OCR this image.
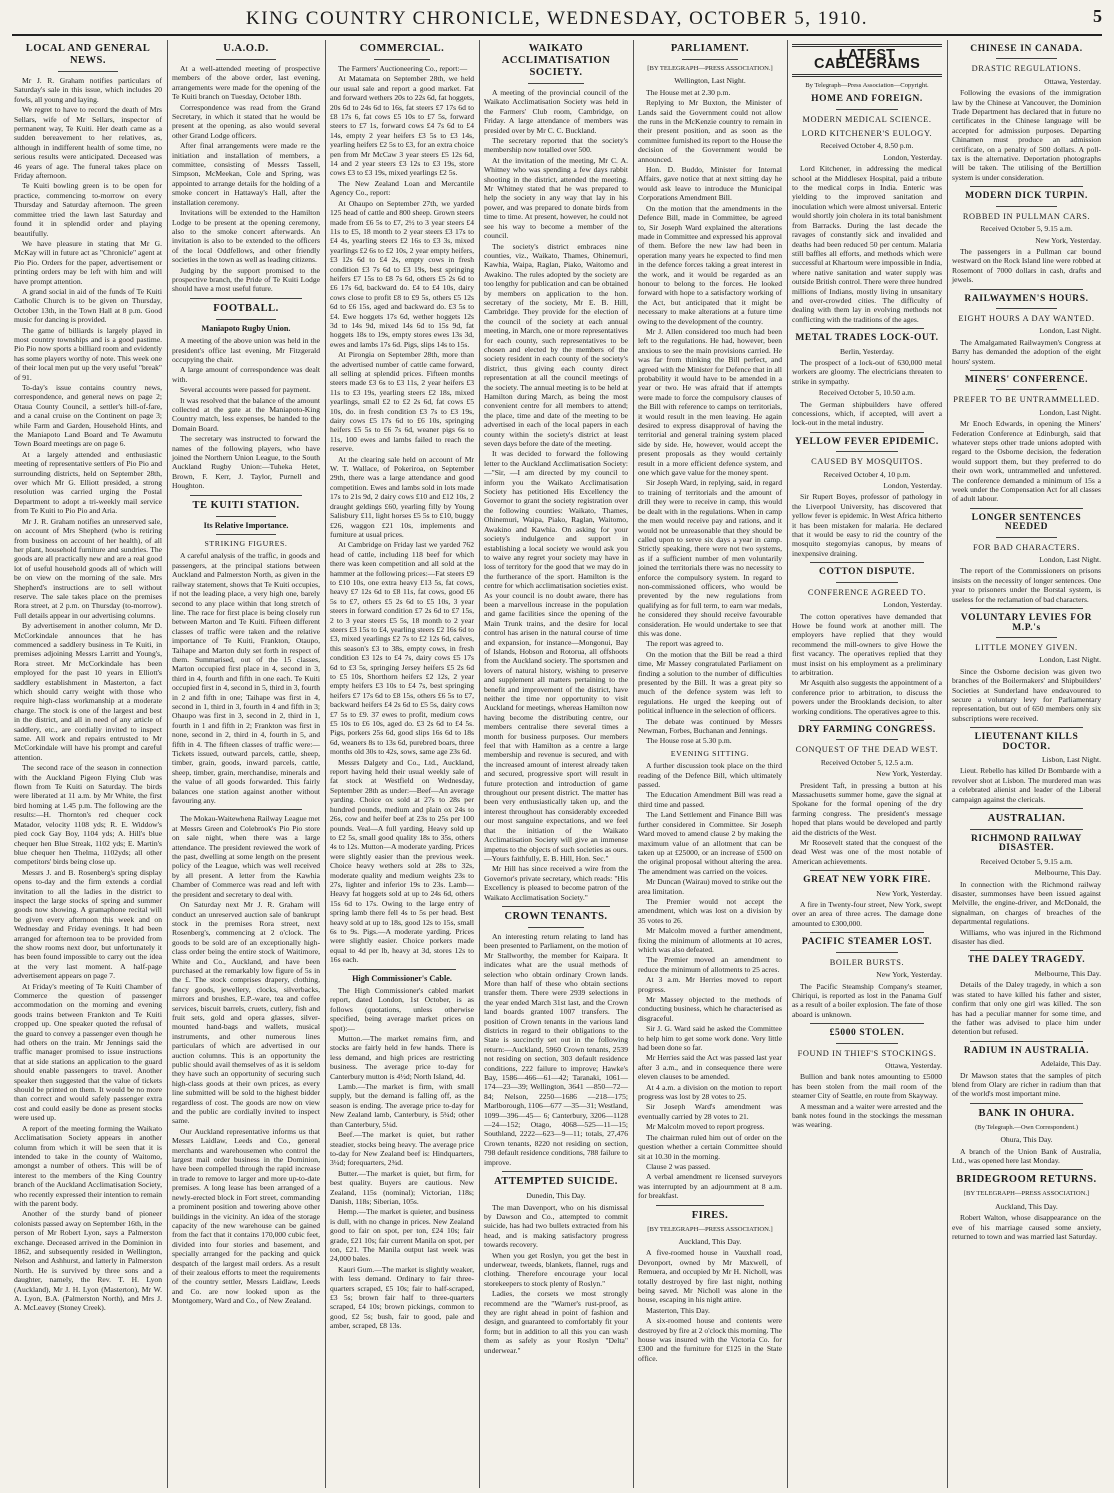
KING COUNTRY CHRONICLE, WEDNESDAY, OCTOBER 5, 1910.	5
LOCAL AND GENERAL NEWS.

Mr J. R. Graham notifies particulars of Saturday's sale in this issue, which includes 20 fowls, all young and laying.

We regret to have to record the death of Mrs Sellars, wife of Mr Sellars, inspector of permanent way, Te Kuiti. Her death came as a sudden bereavement to her relatives, as, although in indifferent health of some time, no serious results were anticipated. Deceased was 46 years of age. The funeral takes place on Friday afternoon.

Te Kuiti bowling green is to be open for practice, commencing to-morrow on every Thursday and Saturday afternoon. The green committee tried the lawn last Saturday and found it in splendid order and playing beautifully.

We have pleasure in stating that Mr G. McKay will in future act as "Chronicle" agent at Pio Pio. Orders for the paper, advertisement or printing orders may be left with him and will have prompt attention.

A grand social in aid of the funds of Te Kuiti Catholic Church is to be given on Thursday, October 13th, in the Town Hall at 8 p.m. Good music for dancing is provided.

The game of billiards is largely played in most country townships and is a good pastime. Pio Pio now sports a billiard room and evidently has some players worthy of note. This week one of their local men put up the very useful "break" of 91.

To-day's issue contains country news, correspondence, and general news on page 2; Otaua County Council, a settler's hill-of-fare, and a canal cruise on the Continent on page 3; while Farm and Garden, Household Hints, and the Maniapoto Land Board and Te Awamutu Town Board meetings are on page 6.

At a largely attended and enthusiastic meeting of representative settlers of Pio Pio and surrounding districts, held on September 28th, over which Mr G. Elliott presided, a strong resolution was carried urging the Postal Department to adopt a tri-weekly mail service from Te Kuiti to Pio Pio and Aria.

Mr J. R. Graham notifies an unreserved sale, on account of Mrs Shepherd (who is retiring from business on account of her health), of all her plant, household furniture and sundries. The goods are all practically new and are a real good lot of useful household goods all of which will be on view on the morning of the sale. Mrs Shepherd's instructions are to sell without reserve. The sale takes place on the premises Rora street, at 2 p.m. on Thursday (to-morrow). Full details appear in our advertising columns.

By advertisement in another column, Mr D. McCorkindale announces that he has commenced a saddlery business in Te Kuiti, in premises adjoining Messrs Larritt and Young's, Rora street. Mr McCorkindale has been employed for the past 10 years in Elliott's saddlery establishment in Masterton, a fact which should carry weight with those who require high-class workmanship at a moderate charge. The stock is one of the largest and best in the district, and all in need of any article of saddlery, etc., are cordially invited to inspect same. All work and repairs entrusted to Mr McCorkindale will have his prompt and careful attention.

The second race of the season in connection with the Auckland Pigeon Flying Club was flown from Te Kuiti on Saturday. The birds were liberated at 11 a.m. by Mr White, the first bird homing at 1.45 p.m. The following are the results:—H. Thornton's red chequer cock Matador, velocity 1108 yds; R. E. Widdow's pied cock Gay Boy, 1104 yds; A. Hill's blue chequer hen Blue Streak, 1102 yds; E. Martin's blue chequer hen Thelma, 1102yds; all other competitors' birds being close up.

Messrs J. and B. Rosenberg's spring display opens to-day and the firm extends a cordial invitation to all the ladies in the district to inspect the large stocks of spring and summer goods now showing. A gramaphone recital will be given every afternoon this week and on Wednesday and Friday evenings. It had been arranged for afternoon tea to be provided from the show rooms next door, but unfortunately it has been found impossible to carry out the idea at the very last moment. A half-page advertisement appears on page 7.

At Friday's meeting of Te Kuiti Chamber of Commerce the question of passenger accommodation on the morning and evening goods trains between Frankton and Te Kuiti cropped up. One speaker quoted the refusal of the guard to convey a passenger even though he had others on the train. Mr Jennings said the traffic manager promised to issue instructions that at side stations an application to the guard should enable passengers to travel. Another speaker then suggested that the value of tickets should be printed on them. It would be no more than correct and would safely passenger extra cost and could easily be done as present stocks were used up.

A report of the meeting forming the Waikato Acclimatisation Society appears in another column from which it will be seen that it is intended to take in the county of Waitomo, amongst a number of others. This will be of interest to the members of the King Country branch of the Auckland Acclimatisation Society, who recently expressed their intention to remain with the parent body.

Another of the sturdy band of pioneer colonists passed away on September 16th, in the person of Mr Robert Lyon, says a Palmerston exchange. Deceased arrived in the Dominion in 1862, and subsequently resided in Wellington, Nelson and Ashhurst, and latterly in Palmerston North. He is survived by three sons and a daughter, namely, the Rev. T. H. Lyon (Auckland), Mr J. H. Lyon (Masterton), Mr W. A. Lyon, B.A. (Palmerston North), and Mrs J. A. McLeavey (Stoney Creek).

U.A.O.D.

At a well-attended meeting of prospective members of the above order, last evening, arrangements were made for the opening of the Te Kuiti branch on Tuesday, October 18th.

Correspondence was read from the Grand Secretary, in which it stated that he would be present at the opening, as also would several other Grand Lodge officers.

After final arrangements were made re the initiation and installation of members, a committee, consisting of Messrs Tassell, Simpson, McMeekan, Cole and Spring, was appointed to arrange details for the holding of a smoke concert in Hattaway's Hall, after the installation ceremony.

Invitations will be extended to the Hamilton Lodge to be present at the opening ceremony, also to the smoke concert afterwards. An invitation is also to be extended to the officers of the local Oddfellows, and other friendly societies in the town as well as leading citizens.

Judging by the support promised to the prospective branch, the Pride of Te Kuiti Lodge should have a most useful future.

FOOTBALL.
Maniapoto Rugby Union.

A meeting of the above union was held in the president's office last evening, Mr Fitzgerald occupying the chair.

A large amount of correspondence was dealt with.

Several accounts were passed for payment.

It was resolved that the balance of the amount collected at the gate at the Maniapoto-King Country match, less expenses, be handed to the Domain Board.

The secretary was instructed to forward the names of the following players, who have joined the Northern Union League, to the South Auckland Rugby Union:—Tuheka Hetet, Brown, F. Kerr, J. Taylor, Purnell and Houghton.

TE KUITI STATION.
Its Relative Importance.
STRIKING FIGURES.

A careful analysis of the traffic, in goods and passengers, at the principal stations between Auckland and Palmerston North, as given in the railway statement, shows that Te Kuiti occupies, if not the leading place, a very high one, barely second to any place within that long stretch of line. The race for first place is being closely run between Marton and Te Kuiti. Fifteen different classes of traffic were taken and the relative importance of Te Kuiti, Frankton, Otaupo, Taihape and Marton duly set forth in respect of them. Summarised, out of the 15 classes, Marton occupied first place in 4, second in 3, third in 4, fourth and fifth in one each. Te Kuiti occupied first in 4, second in 5, third in 3, fourth in 2 and fifth in one; Taihape was first in 4, second in 1, third in 3, fourth in 4 and fifth in 3; Ohaupo was first in 3, second in 2, third in 1, fourth in 1 and fifth in 2; Frankton was first in none, second in 2, third in 4, fourth in 5, and fifth in 4. The fifteen classes of traffic were:—Tickets issued, outward parcels, cattle, sheep, timber, grain, goods, inward parcels, cattle, sheep, timber, grain, merchandise, minerals and the value of all goods forwarded. This fairly balances one station against another without favouring any.

The Mokau-Waitewhena Railway League met at Messrs Green and Colebrook's Pio Pio store on sale night, when there was a large attendance. The president reviewed the work of the past, dwelling at some length on the present policy of the League, which was well received by all present. A letter from the Kawhia Chamber of Commerce was read and left with the president and secretary to deal with.

On Saturday next Mr J. R. Graham will conduct an unreserved auction sale of bankrupt stock in the premises Rora street, next Rosenberg's, commencing at 2 o'clock. The goods to be sold are of an exceptionally high-class order being the entire stock of Waitimore, White and Co., Auckland, and have been purchased at the remarkably low figure of 5s in the £. The stock comprises drapery, clothing, fancy goods, jewellery, clocks, silverbacks, mirrors and brushes, E.P.-ware, tea and coffee services, biscuit barrels, cruets, cutlery, fish and fruit sets, gold and opera glasses, silver-mounted hand-bags and wallets, musical instruments, and other numerous lines particulars of which are advertised in our auction columns. This is an opportunity the public should avail themselves of as it is seldom they have such an opportunity of securing such high-class goods at their own prices, as every line submitted will be sold to the highest bidder regardless of cost. The goods are now on view and the public are cordially invited to inspect same.

Our Auckland representative informs us that Messrs Laidlaw, Leeds and Co., general merchants and warehousemen who control the largest mail order business in the Dominion, have been compelled through the rapid increase in trade to remove to larger and more up-to-date premises. A long lease has been arranged of a newly-erected block in Fort street, commanding a prominent position and towering above other buildings in the vicinity. An idea of the storage capacity of the new warehouse can be gained from the fact that it contains 170,000 cubic feet, divided into four stories and basement, and specially arranged for the packing and quick despatch of the largest mail orders. As a result of their zealous efforts to meet the requirements of the country settler, Messrs Laidlaw, Leeds and Co. are now looked upon as the Montgomery, Ward and Co., of New Zealand.

COMMERCIAL.

The Farmers' Auctioneering Co., report:—

At Matamata on September 28th, we held our usual sale and report a good market. Fat and forward wethers 20s to 22s 6d, fat hoggets, 20s 6d to 24s 6d to 16s, fat steers £7 17s 6d to £8 17s 6, fat cows £5 10s to £7 5s, forward steers to £7 1s, forward cows £4 7s 6d to £4 14s, empty 2 year heifers £3 5s to £3 14s, yearling heifers £2 5s to £3, for an extra choice pen from Mr McCaw 3 year steers £5 12s 6d, 14 and 2 year steers £3 12s to £3 19s, store cows £3 to £3 19s, mixed yearlings £2 5s.

The New Zealand Loan and Mercantile Agency Co., report:

At Ohaupo on September 27th, we yarded 125 head of cattle and 800 sheep. Grown steers made from £6 5s to £7, 2½ to 3 year steers £4 11s to £5, 18 month to 2 year steers £3 17s to £4 4s, yearling steers £2 16s to £3 3s, mixed yearlings £2 6s to £2 10s, 2 year empty heifers, £3 12s 6d to £4 2s, empty cows in fresh condition £3 7s 6d to £3 19s, best springing heifers £7 15s to £8 7s 6d, others £5 2s 6d to £6 17s 6d, backward do. £4 to £4 10s, dairy cows close to profit £8 to £9 5s, others £5 12s 6d to £6 15s, aged and backward do. £3 5s to £4. Ewe hoggets 17s 6d, wether hoggets 12s 3d to 14s 9d, mixed 14s 6d to 15s 9d, fat hoggets 18s to 19s, empty stores ewes 13s 3d, ewes and lambs 17s 6d. Pigs, slips 14s to 15s.

At Pirongia on September 28th, more than the advertised number of cattle came forward, all selling at splendid prices. Fifteen months steers made £3 6s to £3 11s, 2 year heifers £3 11s to £3 19s, yearling steers £2 18s, mixed yearlings, small £2 to £2 2s 6d, fat cows £5 10s, do. in fresh condition £3 7s to £3 19s, dairy cows £5 17s 6d to £6 10s, springing heifers £5 5s to £6 7s 6d, weaner pigs 6s to 11s, 100 ewes and lambs failed to reach the reserve.

At the clearing sale held on account of Mr W. T. Wallace, of Pokeriroa, on September 29th, there was a large attendance and good competition. Ewes and lambs sold in lots made 17s to 21s 9d, 2 dairy cows £10 and £12 10s, 2 draught geldings £60, yearling filly by Young Salisbury £11, light horses £5 5s to £10, buggy £26, waggon £21 10s, implements and furniture at usual prices.

At Cambridge on Friday last we yarded 762 head of cattle, including 118 beef for which there was keen competition and all sold at the hammer at the following prices:—Fat steers £9 to £10 10s, one extra heavy £13 5s, fat cows, heavy £7 12s 6d to £8 11s, fat cows, good £6 5s to £7, others £5 2s 6d to £5 10s, 3 year steers in forward condition £7 2s 6d to £7 15s, 2 to 3 year steers £5 5s, 18 month to 2 year steers £3 15s to £4, yearling steers £2 16s 6d to £3, mixed yearlings £2 7s to £2 12s 6d, calves, this season's £3 to 38s, empty cows, in fresh condition £3 12s to £4 7s, dairy cows £5 17s 6d to £3 5s, springing Jersey heifers £5 2s 6d to £5 10s, Shorthorn heifers £2 12s, 2 year empty heifers £3 10s to £4 7s, best springing heifers £7 17s 6d to £8 15s, others £6 5s to £7, backward heifers £4 2s 6d to £5 5s, dairy cows £7 5s to £9. 37 ewes to profit, medium cows £5 10s to £6 10s, aged do. £3 2s 6d to £4 5s. Pigs, porkers 25s 6d, good slips 16s 6d to 18s 6d, weaners 8s to 13s 6d, purebred boars, three months old 30s to 42s, sows, same age 23s 6d.

Messrs Dalgety and Co., Ltd., Auckland, report having held their usual weekly sale of fat stock at Westfield on Wednesday, September 28th as under:—Beef—An average yarding. Choice ox sold at 27s to 28s per hundred pounds, medium and plain ox 24s to 26s, cow and heifer beef at 23s to 25s per 100 pounds. Veal—A full yarding. Heavy sold up to £2 5s, small good quality 18s to 35s, others 4s to 12s. Mutton—A moderate yarding. Prices were slightly easier than the previous week. Choice heavy wethers sold at 28s to 32s, moderate quality and medium weights 23s to 27s, lighter and inferior 19s to 23s. Lamb—Heavy fat hoggets sold at up to 24s 6d, others 15s 6d to 17s. Owing to the large entry of spring lamb there fell 4s to 5s per head. Best heavy sold at up to 18s, good 12s to 15s, small 6s to 9s. Pigs.—A moderate yarding. Prices were slightly easier. Choice porkers made equal to 4d per lb, heavy at 3d, stores 12s to 16s each.

High Commissioner's Cable.

The High Commissioner's cabled market report, dated London, 1st October, is as follows (quotations, unless otherwise specified, being average market prices on spot):—

Mutton.—The market remains firm, and stocks are fairly held in few hands. There is less demand, and high prices are restricting business. The average price to-day for Canterbury mutton is 4½d; North Island, 4d.

Lamb.—The market is firm, with small supply, but the demand is falling off, as the season is ending. The average price to-day for New Zealand lamb, Canterbury, is 5¼d; other than Canterbury, 5¼d.

Beef.—The market is quiet, but rather steadier, stocks being heavy. The average price to-day for New Zealand beef is: Hindquarters, 3¼d; forequarters, 2¾d.

Butter.—The market is quiet, but firm, for best quality. Buyers are cautious. New Zealand, 115s (nominal); Victorian, 118s; Danish, 118s; Siberian, 105s.

Hemp.—The market is quieter, and business is dull, with no change in prices. New Zealand good to fair on spot, per ton, £24 10s; fair grade, £21 10s; fair current Manila on spot, per ton, £21. The Manila output last week was 24,000 bales.

Kauri Gum.—The market is slightly weaker, with less demand. Ordinary to fair three-quarters scraped, £5 10s; fair to half-scraped, £3 5s; brown fair half to three-quarters scraped, £4 10s; brown pickings, common to good, £2 5s; bush, fair to good, pale and amber, scraped, £8 13s.

WAIKATO ACCLIMATISATION SOCIETY.

A meeting of the provincial council of the Waikato Acclimatisation Society was held in the Farmers' Club room, Cambridge, on Friday. A large attendance of members was presided over by Mr C. C. Buckland.

The secretary reported that the society's membership now totalled over 500.

At the invitation of the meeting, Mr C. A. Whitney who was spending a few days rabbit shooting in the district, attended the meeting. Mr Whitney stated that he was prepared to help the society in any way that lay in his power, and was prepared to donate birds from time to time. At present, however, he could not see his way to become a member of the council.

The society's district embraces nine counties, viz., Waikato, Thames, Ohinemuri, Kawhia, Waipa, Raglan, Piako, Waitomo and Awakino. The rules adopted by the society are too lengthy for publication and can be obtained by members on application to the hon. secretary of the society, Mr E. B. Hill, Cambridge. They provide for the election of the council of the society at each annual meeting, in March, one or more representatives for each county, such representatives to be chosen and elected by the members of the society resident in each county of the society's district, thus giving each county direct representation at all the council meetings of the society. The annual meeting is to be held at Hamilton during March, as being the most convenient centre for all members to attend; the place, time and date of the meeting to be advertised in each of the local papers in each county within the society's district at least seven days before the date of the meeting.

It was decided to forward the following letter to the Auckland Acclimatisation Society:—"Sir, —I am directed by my council to inform you the Waikato Acclimatisation Society has petitioned His Excellency the Governor to grant the society registration over the following counties: Waikato, Thames, Ohinemuri, Waipa, Piako, Raglan, Waitomo, Awakino and Kawhia. On asking for your society's indulgence and support in establishing a local society we would ask you to waive any regret your society may have in loss of territory for the good that we may do in the furtherance of the sport. Hamilton is the centre for which acclimatisation societies exist. As your council is no doubt aware, there has been a marvellous increase in the population and game facilities since the opening of the Main Trunk trains, and the desire for local control has arisen in the natural course of time and expansion, for instance—Mongonui, Bay of Islands, Hobson and Rotorua, all offshoots from the Auckland society. The sportsmen and lovers of natural history, wishing to preserve and supplement all matters pertaining to the benefit and improvement of the district, have neither the time nor opportunity to visit Auckland for meetings, whereas Hamilton now having become the distributing centre, our members centralise there several times a month for business purposes. Our members feel that with Hamilton as a centre a large membership and revenue is secured, and with the increased amount of interest already taken and secured, progressive sport will result in future protection and introduction of game throughout our present district. The matter has been very enthusiastically taken up, and the interest throughout has considerably exceeded our most sanguine expectations, and we feel that the initiation of the Waikato Acclimatisation Society will give an immense impetus to the objects of such societies as ours.—Yours faithfully, E. B. Hill, Hon. Sec."

Mr Hill has since received a wire from the Governor's private secretary, which reads: "His Excellency is pleased to become patron of the Waikato Acclimatisation Society."

CROWN TENANTS.

An interesting return relating to land has been presented to Parliament, on the motion of Mr Stallworthy, the member for Kaipara. It indicates what are the usual methods of selection who obtain ordinary Crown lands. More than half of these who obtain sections transfer them. There were 2939 selections in the year ended March 31st last, and the Crown land boards granted 1007 transfers. The position of Crown tenants in the various land districts in regard to their obligations to the State is succinctly set out in the following return:—Auckland, 5960 Crown tenants, 2539 not residing on section, 303 default residence conditions, 222 failure to improve; Hawke's Bay, 1586—466—61—42; Taranaki, 1061—174—23—39; Wellington, 3641 —850—72—84; Nelson, 2250—1686 —218—175; Marlborough, 1106—677 —35—31; Westland, 1099—396—45— 6; Canterbury, 3206—1128—24—152; Otago, 4068—525—11—15; Southland, 2222—623—9—11; totals, 27,476 Crown tenants, 8220 not residing on section, 798 default residence conditions, 788 failure to improve.

ATTEMPTED SUICIDE.
Dunedin, This Day.

The man Davenport, who on his dismissal by Dawson and Co., attempted to commit suicide, has had two bullets extracted from his head, and is making satisfactory progress towards recovery.

When you get Roslyn, you get the best in underwear, tweeds, blankets, flannel, rugs and clothing. Therefore encourage your local storekeepers to stock plenty of Roslyn."

Ladies, the corsets we most strongly recommend are the "Warner's rust-proof, as they are right ahead in point of fashion and design, and guaranteed to comfortably fit your form; but in addition to all this you can wash them as safely as your Roslyn "Delta" underwear."

PARLIAMENT.
[BY TELEGRAPH—PRESS ASSOCIATION.]
Wellington, Last Night.

The House met at 2.30 p.m.

Replying to Mr Buxton, the Minister of Lands said the Government could not allow the runs in the McKenzie country to remain in their present position, and as soon as the committee furnished its report to the House the decision of the Government would be announced.

Hon. D. Buddo, Minister for Internal Affairs, gave notice that at next sitting day he would ask leave to introduce the Municipal Corporations Amendment Bill.

On the motion that the amendments in the Defence Bill, made in Committee, be agreed to, Sir Joseph Ward explained the alterations made in Committee and expressed his approval of them. Before the new law had been in operation many years he expected to find men in the defence forces taking a great interest in the work, and it would be regarded as an honour to belong to the forces. He looked forward with hope to a satisfactory working of the Act, but anticipated that it might be necessary to make alterations at a future time owing to the development of the country.

Mr J. Allen considered too much had been left to the regulations. He had, however, been anxious to see the main provisions carried. He was far from thinking the Bill perfect, and agreed with the Minister for Defence that in all probability it would have to be amended in a year or two. He was afraid that if attempts were made to force the compulsory clauses of the Bill with reference to camps on territorials, it would result in the men leaving. He again desired to express disapproval of having the territorial and general training system placed side by side. He, however, would accept the present proposals as they would certainly result in a more efficient defence system, and one which gave value for the money spent.

Sir Joseph Ward, in replying, said, in regard to training of territorials and the amount of drill they were to receive in camp, this would be dealt with in the regulations. When in camp the men would receive pay and rations, and it would not be unreasonable that they should be called upon to serve six days a year in camp. Strictly speaking, there were not two systems, as if a sufficient number of men voluntarily joined the territorials there was no necessity to enforce the compulsory system. In regard to non-commissioned officers, who would be prevented by the new regulations from qualifying as for full term, to earn war medals, he considered they should receive favourable consideration. He would undertake to see that this was done.

The report was agreed to.

On the motion that the Bill be read a third time, Mr Massey congratulated Parliament on finding a solution to the number of difficulties presented by the Bill. It was a great pity so much of the defence system was left to regulations. He urged the keeping out of political influence in the selection of officers.

The debate was continued by Messrs Newman, Forbes, Buchanan and Jennings.

The House rose at 5.30 p.m.

EVENING SITTING.

A further discussion took place on the third reading of the Defence Bill, which ultimately passed.

The Education Amendment Bill was read a third time and passed.

The Land Settlement and Finance Bill was further considered in Committee. Sir Joseph Ward moved to amend clause 2 by making the maximum value of an allotment that can be taken up at £25000, or an increase of £500 on the original proposal without altering the area. The amendment was carried on the voices.

Mr Duncan (Wairau) moved to strike out the area limitation.

The Premier would not accept the amendment, which was lost on a division by 35 votes to 26.

Mr Malcolm moved a further amendment, fixing the minimum of allotments at 10 acres, which was also defeated.

The Premier moved an amendment to reduce the minimum of allotments to 25 acres.

At 3 a.m. Mr Herries moved to report progress.

Mr Massey objected to the methods of conducting business, which he characterised as disgraceful.

Sir J. G. Ward said he asked the Committee to help him to get some work done. Very little had been done so far.

Mr Herries said the Act was passed last year after 3 a.m., and in consequence there were eleven clauses to be amended.

At 4 a.m. a division on the motion to report progress was lost by 28 votes to 25.

Sir Joseph Ward's amendment was eventually carried by 28 votes to 21.

Mr Malcolm moved to report progress.

The chairman ruled him out of order on the question whether a certain Committee should sit at 10.30 in the morning.

Clause 2 was passed.

A verbal amendment re licensed surveyors was interrupted by an adjournment at 8 a.m. for breakfast.

FIRES.
[BY TELEGRAPH—PRESS ASSOCIATION.]
Auckland, This Day.

A five-roomed house in Vauxhall road, Devonport, owned by Mr Maxwell, of Remuera, and occupied by Mr H. Nicholl, was totally destroyed by fire last night, nothing being saved. Mr Nicholl was alone in the house, escaping in his night attire.

Masterton, This Day.

A six-roomed house and contents were destroyed by fire at 2 o'clock this morning. The house was insured with the Victoria Co. for £300 and the furniture for £125 in the State office.

LATEST CABLEGRAMS
By Telegraph—Press Association—Copyright.
HOME AND FOREIGN.
MODERN MEDICAL SCIENCE.
LORD KITCHENER'S EULOGY.
Received October 4, 8.50 p.m.
London, Yesterday.

Lord Kitchener, in addressing the medical school at the Middlesex Hospital, paid a tribute to the medical corps in India. Enteric was yielding to the improved sanitation and inoculation which were almost universal. Enteric would shortly join cholera in its total banishment from Barracks. During the last decade the ravages of constantly sick and invalided and deaths had been reduced 50 per centum. Malaria still baffles all efforts, and methods which were successful at Khartoum were impossible in India, where native sanitation and water supply was outside British control. There were three hundred millions of Indians, mostly living in unsanitary and over-crowded cities. The difficulty of dealing with them lay in evolving methods not conflicting with the traditions of the ages.

METAL TRADES LOCK-OUT.
Berlin, Yesterday.

The prospect of a lock-out of 630,000 metal workers are gloomy. The electricians threaten to strike in sympathy.

Received October 5, 10.50 a.m.

The German shipbuilders have offered concessions, which, if accepted, will avert a lock-out in the metal industry.

YELLOW FEVER EPIDEMIC.
CAUSED BY MOSQUITOS.
Received October 4, 10 p.m.
London, Yesterday.

Sir Rupert Boyes, professor of pathology in the Liverpool University, has discovered that yellow fever is epidemic. In West Africa hitherto it has been mistaken for malaria. He declared that it would be easy to rid the country of the mosquito stegomyias canopus, by means of inexpensive draining.

COTTON DISPUTE.
CONFERENCE AGREED TO.
London, Yesterday.

The cotton operatives have demanded that Howe be found work at another mill. The employers have replied that they would recommend the mill-owners to give Howe the first vacancy. The operatives replied that they must insist on his employment as a preliminary to arbitration.

Mr Asquith also suggests the appointment of a conference prior to arbitration, to discuss the powers under the Brooklands decision, to alter working conditions. The operatives agree to this.

DRY FARMING CONGRESS.
CONQUEST OF THE DEAD WEST.
Received October 5, 12.5 a.m.
New York, Yesterday.

President Taft, in pressing a button at his Massachusetts summer home, gave the signal at Spokane for the formal opening of the dry farming congress. The president's message hoped that plans would be developed and partly aid the districts of the West.

Mr Roosevelt stated that the conquest of the dead West was one of the most notable of American achievements.

GREAT NEW YORK FIRE.
New York, Yesterday.

A fire in Twenty-four street, New York, swept over an area of three acres. The damage done amounted to £300,000.

PACIFIC STEAMER LOST.
BOILER BURSTS.
New York, Yesterday.

The Pacific Steamship Company's steamer, Chiriqui, is reported as lost in the Panama Gulf as a result of a boiler explosion. The fate of those aboard is unknown.

£5000 STOLEN.
FOUND IN THIEF'S STOCKINGS.
Ottawa, Yesterday.

Bullion and bank notes amounting to £5000 has been stolen from the mail room of the steamer City of Seattle, en route from Skayway.

A messman and a waiter were arrested and the bank notes found in the stockings the messman was wearing.

CHINESE IN CANADA.
DRASTIC REGULATIONS.
Ottawa, Yesterday.

Following the evasions of the immigration law by the Chinese at Vancouver, the Dominion Trade Department has declared that in future no certificates in the Chinese language will be accepted for admission purposes. Departing Chinamen must produce an admission certificate, on a penalty of 500 dollars. A poll-tax is the alternative. Deportation photographs will be taken. The utilising of the Bertillion system is under consideration.

MODERN DICK TURPIN.
ROBBED IN PULLMAN CARS.
Received October 5, 9.15 a.m.
New York, Yesterday.

The passengers in a Pullman car bound westward on the Rock Island line were robbed at Rosemont of 7000 dollars in cash, drafts and jewels.

RAILWAYMEN'S HOURS.
EIGHT HOURS A DAY WANTED.
London, Last Night.

The Amalgamated Railwaymen's Congress at Barry has demanded the adoption of the eight hours' system.

MINERS' CONFERENCE.
PREFER TO BE UNTRAMMELLED.
London, Last Night.

Mr Enoch Edwards, in opening the Miners' Federation Conference at Edinburgh, said that whatever steps other trade unions adopted with regard to the Osborne decision, the federation would support them, but they preferred to do their own work, untrammelled and unfettered. The conference demanded a minimum of 15s a week under the Compensation Act for all classes of adult labour.

LONGER SENTENCES NEEDED
FOR BAD CHARACTERS.
London, Last Night.

The report of the Commissioners on prisons insists on the necessity of longer sentences. One year to prisoners under the Borstal system, is useless for the reclamation of bad characters.

VOLUNTARY LEVIES FOR M.P.'s
LITTLE MONEY GIVEN.
London, Last Night.

Since the Osborne decision was given two branches of the Boilermakers' and Shipbuilders' Societies at Sunderland have endeavoured to secure a voluntary levy for Parliamentary representation, but out of 650 members only six subscriptions were received.

LIEUTENANT KILLS DOCTOR.
Lisbon, Last Night.

Lieut. Rebello has killed Dr Bombarde with a revolver shot at Lisbon. The murdered man was a celebrated alienist and leader of the Liberal campaign against the clericals.

AUSTRALIAN.
RICHMOND RAILWAY DISASTER.
Received October 5, 9.15 a.m.
Melbourne, This Day.

In connection with the Richmond railway disaster, summonses have been issued against Melville, the engine-driver, and McDonald, the signalman, on charges of breaches of the departmental regulations.

Williams, who was injured in the Richmond disaster has died.

THE DALEY TRAGEDY.
Melbourne, This Day.

Details of the Daley tragedy, in which a son was stated to have killed his father and sister, confirm that only one girl was killed. The son has had a peculiar manner for some time, and the father was advised to place him under detention but refused.

RADIUM IN AUSTRALIA.
Adelaide, This Day.

Dr Mawson states that the samples of pitch blend from Olary are richer in radium than that of the world's most important mine.

BANK IN OHURA.
(By Telegraph.—Own Correspondent.)
Ohura, This Day.

A branch of the Union Bank of Australia, Ltd., was opened here last Monday.

BRIDEGROOM RETURNS.
[BY TELEGRAPH—PRESS ASSOCIATION.]
Auckland, This Day.

Robert Walton, whose disappearance on the eve of his marriage caused some anxiety, returned to town and was married last Saturday.
